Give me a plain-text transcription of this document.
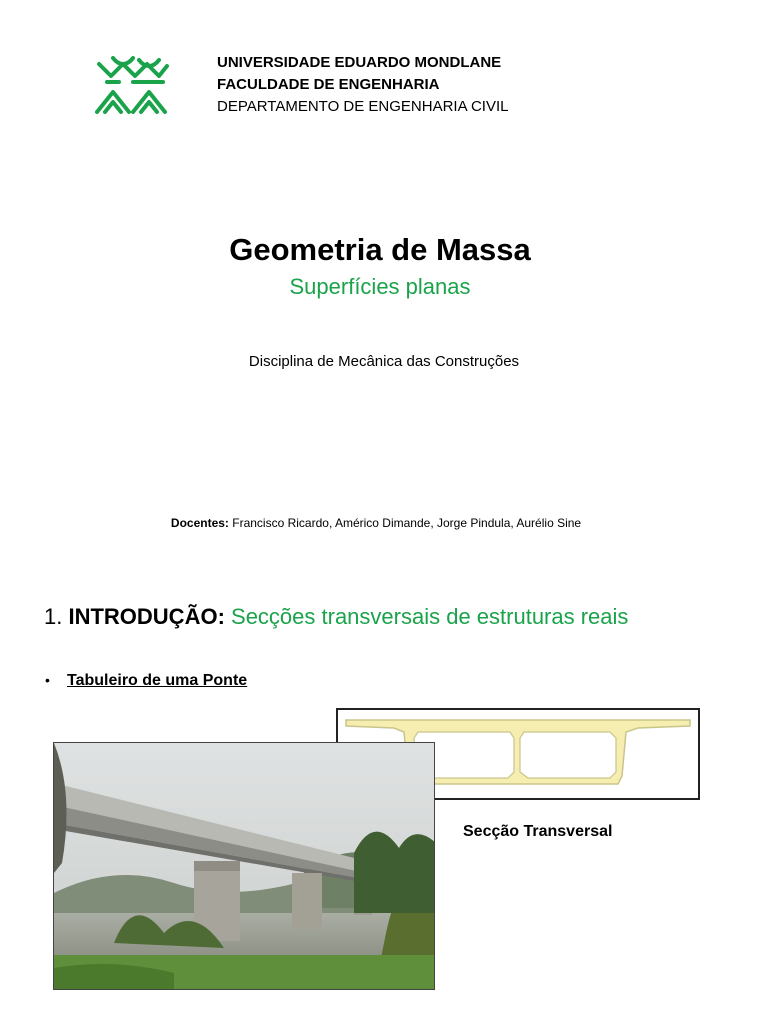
UNIVERSIDADE EDUARDO MONDLANE
FACULDADE DE ENGENHARIA
DEPARTAMENTO DE ENGENHARIA CIVIL
Geometria de Massa
Superfícies planas
Disciplina de Mecânica das Construções
Docentes: Francisco Ricardo, Américo Dimande, Jorge Pindula, Aurélio Sine
1. INTRODUÇÃO: Secções transversais de estruturas reais
• Tabuleiro de uma Ponte
Secção Transversal
